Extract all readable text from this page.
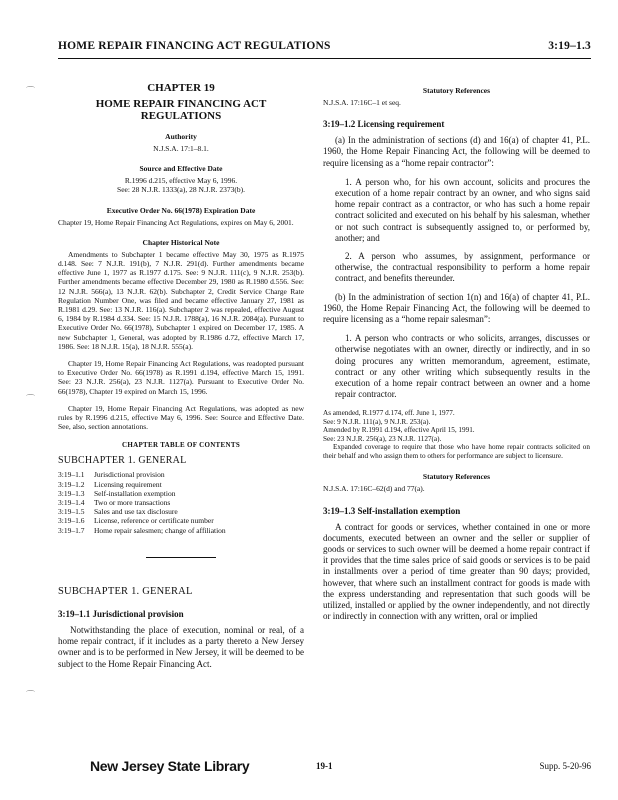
HOME REPAIR FINANCING ACT REGULATIONS	3:19–1.3
⌒
⌒
⌒
CHAPTER 19
HOME REPAIR FINANCING ACT REGULATIONS
Authority
N.J.S.A. 17:1–8.1.
Source and Effective Date
R.1996 d.215, effective May 6, 1996.
See: 28 N.J.R. 1333(a), 28 N.J.R. 2373(b).
Executive Order No. 66(1978) Expiration Date
Chapter 19, Home Repair Financing Act Regulations, expires on May 6, 2001.
Chapter Historical Note

Amendments to Subchapter 1 became effective May 30, 1975 as R.1975 d.148. See: 7 N.J.R. 191(b), 7 N.J.R. 291(d). Further amendments became effective June 1, 1977 as R.1977 d.175. See: 9 N.J.R. 111(c), 9 N.J.R. 253(b). Further amendments became effective December 29, 1980 as R.1980 d.556. See: 12 N.J.R. 566(a), 13 N.J.R. 62(b). Subchapter 2, Credit Service Charge Rate Regulation Number One, was filed and became effective January 27, 1981 as R.1981 d.29. See: 13 N.J.R. 116(a). Subchapter 2 was repealed, effective August 6, 1984 by R.1984 d.334. See: 15 N.J.R. 1788(a), 16 N.J.R. 2084(a). Pursuant to Executive Order No. 66(1978), Subchapter 1 expired on December 17, 1985. A new Subchapter 1, General, was adopted by R.1986 d.72, effective March 17, 1986. See: 18 N.J.R. 15(a), 18 N.J.R. 555(a).

Chapter 19, Home Repair Financing Act Regulations, was readopted pursuant to Executive Order No. 66(1978) as R.1991 d.194, effective March 15, 1991. See: 23 N.J.R. 256(a), 23 N.J.R. 1127(a). Pursuant to Executive Order No. 66(1978), Chapter 19 expired on March 15, 1996.

Chapter 19, Home Repair Financing Act Regulations, was adopted as new rules by R.1996 d.215, effective May 6, 1996. See: Source and Effective Date. See, also, section annotations.

CHAPTER TABLE OF CONTENTS
SUBCHAPTER 1. GENERAL
3:19–1.1	Jurisdictional provision
3:19–1.2	Licensing requirement
3:19–1.3	Self-installation exemption
3:19–1.4	Two or more transactions
3:19–1.5	Sales and use tax disclosure
3:19–1.6	License, reference or certificate number
3:19–1.7	Home repair salesmen; change of affiliation
SUBCHAPTER 1. GENERAL
3:19–1.1 Jurisdictional provision
Notwithstanding the place of execution, nominal or real, of a home repair contract, if it includes as a party thereto a New Jersey owner and is to be performed in New Jersey, it will be deemed to be subject to the Home Repair Financing Act.
Statutory References
N.J.S.A. 17:16C–1 et seq.
3:19–1.2 Licensing requirement

(a) In the administration of sections (d) and 16(a) of chapter 41, P.L. 1960, the Home Repair Financing Act, the following will be deemed to require licensing as a “home repair contractor”:

1. A person who, for his own account, solicits and procures the execution of a home repair contract by an owner, and who signs said home repair contract as a contractor, or who has such a home repair contract solicited and executed on his behalf by his salesman, whether or not such contract is subsequently assigned to, or performed by, another; and

2. A person who assumes, by assignment, performance or otherwise, the contractual responsibility to perform a home repair contract, and benefits thereunder.

(b) In the administration of section 1(n) and 16(a) of chapter 41, P.L. 1960, the Home Repair Financing Act, the following will be deemed to require licensing as a “home repair salesman”:

1. A person who contracts or who solicits, arranges, discusses or otherwise negotiates with an owner, directly or indirectly, and in so doing procures any written memorandum, agreement, estimate, contract or any other writing which subsequently results in the execution of a home repair contract between an owner and a home repair contractor.

As amended, R.1977 d.174, eff. June 1, 1977.
See: 9 N.J.R. 111(a), 9 N.J.R. 253(a).
Amended by R.1991 d.194, effective April 15, 1991.
See: 23 N.J.R. 256(a), 23 N.J.R. 1127(a).
Expanded coverage to require that those who have home repair contracts solicited on their behalf and who assign them to others for performance are subject to licensure.
Statutory References
N.J.S.A. 17:16C–62(d) and 77(a).
3:19–1.3 Self-installation exemption
A contract for goods or services, whether contained in one or more documents, executed between an owner and the seller or supplier of goods or services to such owner will be deemed a home repair contract if it provides that the time sales price of said goods or services is to be paid in installments over a period of time greater than 90 days; provided, however, that where such an installment contract for goods is made with the express understanding and representation that such goods will be utilized, installed or applied by the owner independently, and not directly or indirectly in connection with any written, oral or implied
New Jersey State Library	19-1	Supp. 5-20-96
